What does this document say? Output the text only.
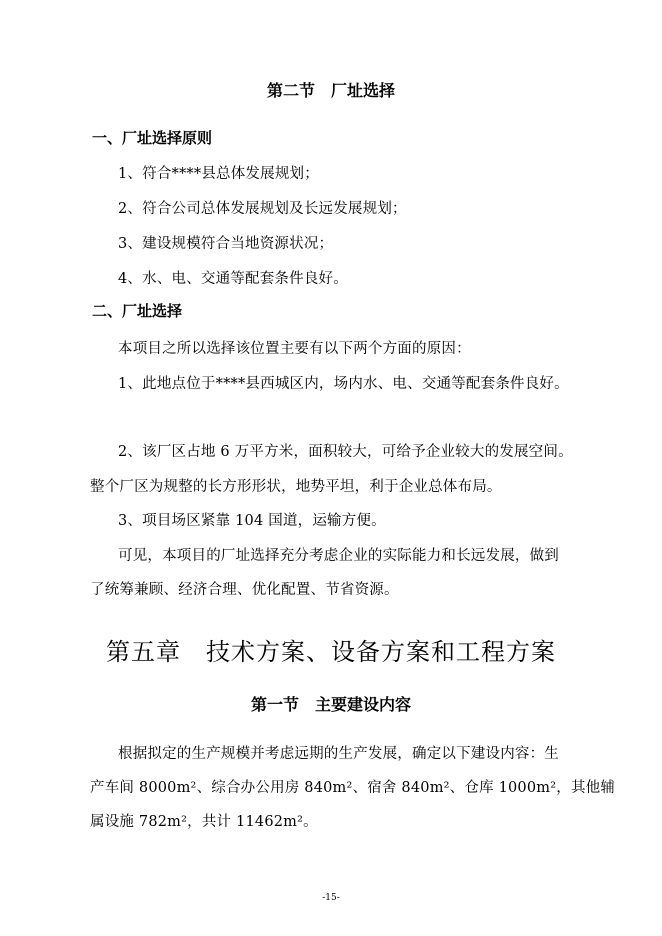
第二节　厂址选择
一、厂址选择原则
1、符合****县总体发展规划；
2、符合公司总体发展规划及长远发展规划；
3、建设规模符合当地资源状况；
4、水、电、交通等配套条件良好。
二、厂址选择
本项目之所以选择该位置主要有以下两个方面的原因：
1、此地点位于****县西城区内，场内水、电、交通等配套条件良好。
2、该厂区占地 6 万平方米，面积较大，可给予企业较大的发展空间。
整个厂区为规整的长方形形状，地势平坦，利于企业总体布局。
3、项目场区紧靠 104 国道，运输方便。
可见，本项目的厂址选择充分考虑企业的实际能力和长远发展，做到
了统筹兼顾、经济合理、优化配置、节省资源。
第五章　技术方案、设备方案和工程方案
第一节　主要建设内容
根据拟定的生产规模并考虑远期的生产发展，确定以下建设内容：生
产车间 8000m²、综合办公用房 840m²、宿舍 840m²、仓库 1000m²，其他辅
属设施 782m²，共计 11462m²。
-15-
